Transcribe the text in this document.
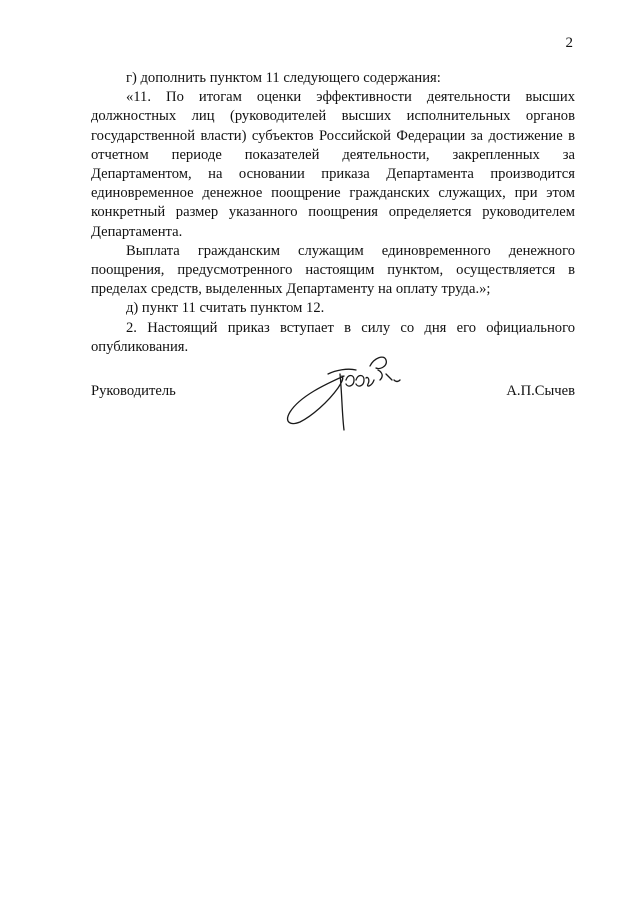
2

г) дополнить пунктом 11 следующего содержания:

«11. По итогам оценки эффективности деятельности высших должностных лиц (руководителей высших исполнительных органов государственной власти) субъектов Российской Федерации за достижение в отчетном периоде показателей деятельности, закрепленных за Департаментом, на основании приказа Департамента производится единовременное денежное поощрение гражданских служащих, при этом конкретный размер указанного поощрения определяется руководителем Департамента.

Выплата гражданским служащим единовременного денежного поощрения, предусмотренного настоящим пунктом, осуществляется в пределах средств, выделенных Департаменту на оплату труда.»;

д) пункт 11 считать пунктом 12.

2. Настоящий приказ вступает в силу со дня его официального опубликования.

Руководитель	А.П.Сычев
